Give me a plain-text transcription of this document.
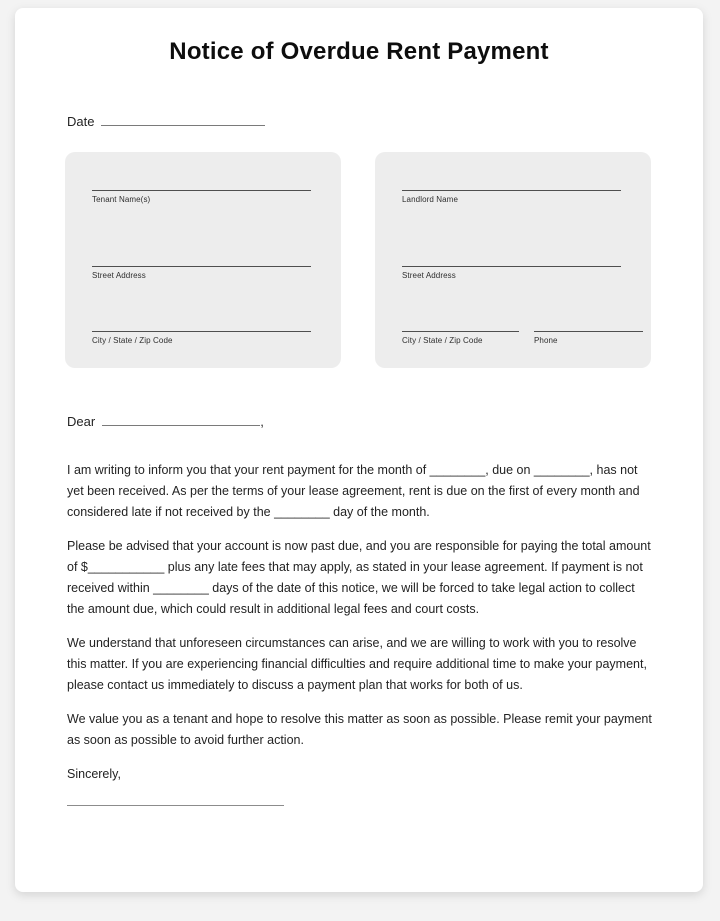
Notice of Overdue Rent Payment
Date
Tenant Name(s)
Street Address
City / State / Zip Code
Landlord Name
Street Address
City / State / Zip Code	Phone
Dear	,

I am writing to inform you that your rent payment for the month of ________, due on ________, has not yet been received. As per the terms of your lease agreement, rent is due on the first of every month and considered late if not received by the ________ day of the month.

Please be advised that your account is now past due, and you are responsible for paying the total amount of $___________ plus any late fees that may apply, as stated in your lease agreement. If payment is not received within ________ days of the date of this notice, we will be forced to take legal action to collect the amount due, which could result in additional legal fees and court costs.

We understand that unforeseen circumstances can arise, and we are willing to work with you to resolve this matter. If you are experiencing financial difficulties and require additional time to make your payment, please contact us immediately to discuss a payment plan that works for both of us.

We value you as a tenant and hope to resolve this matter as soon as possible. Please remit your payment as soon as possible to avoid further action.

Sincerely,
